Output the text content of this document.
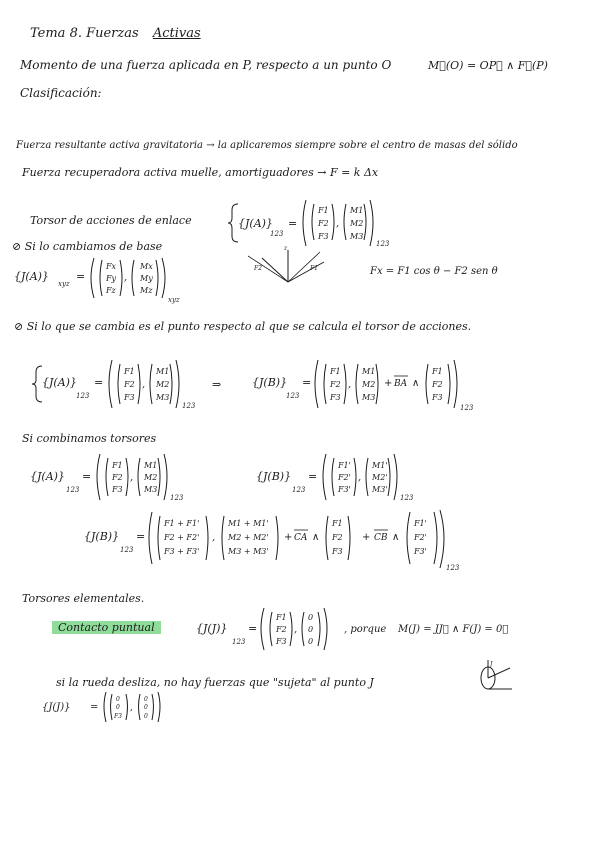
Tema 8. Fuerzas Activas
Momento de una fuerza aplicada en P, respecto a un punto O	M⃗(O) = OP⃗ ∧ F⃗(P)
Clasificación:
Fuerza resultante activa gravitatoria → la aplicaremos siempre sobre el centro de masas del sólido
Fuerza recuperadora activa muelle, amortiguadores → F = k Δx
Torsor de acciones de enlace	{J(A)}
123
=
F1
F2
F3
,
M1
M2
M3
123
⊘ Si lo cambiamos de base
{J(A)}
xyz
=
Fx
Fy
Fz
,
Mx
My
Mz
xyz
z
F2	F1	Fx = F1 cos θ − F2 sen θ
⊘ Si lo que se cambia es el punto respecto al que se calcula el torsor de acciones.
{J(A)}
123
=
F1
F2
F3
,
M1
M2
M3
123
⇒	{J(B)}
123
=
F1
F2
F3
,
M1
M2
M3
+ BA ∧
F1
F2
F3
123
Si combinamos torsores
{J(A)}
123
=
F1
F2
F3
,
M1
M2
M3
123
{J(B)}
123
=
F1'
F2'
F3'
,
M1'
M2'
M3'
123
{J(B)}
123
=
F1 + F1'
F2 + F2'
F3 + F3'
,
M1 + M1'
M2 + M2'
M3 + M3'
+ CA ∧
F1
F2
F3
+ CB ∧
F1'
F2'
F3'
123
Torsores elementales.
Contacto puntual	{J(J)}
123
=
F1
F2
F3
,
0
0
0
, porque M(J) = JJ⃗ ∧ F(J) = 0⃗
si la rueda desliza, no hay fuerzas que "sujeta" al punto J
J
{J(J)} =
0
0
F3
,
0
0
0
